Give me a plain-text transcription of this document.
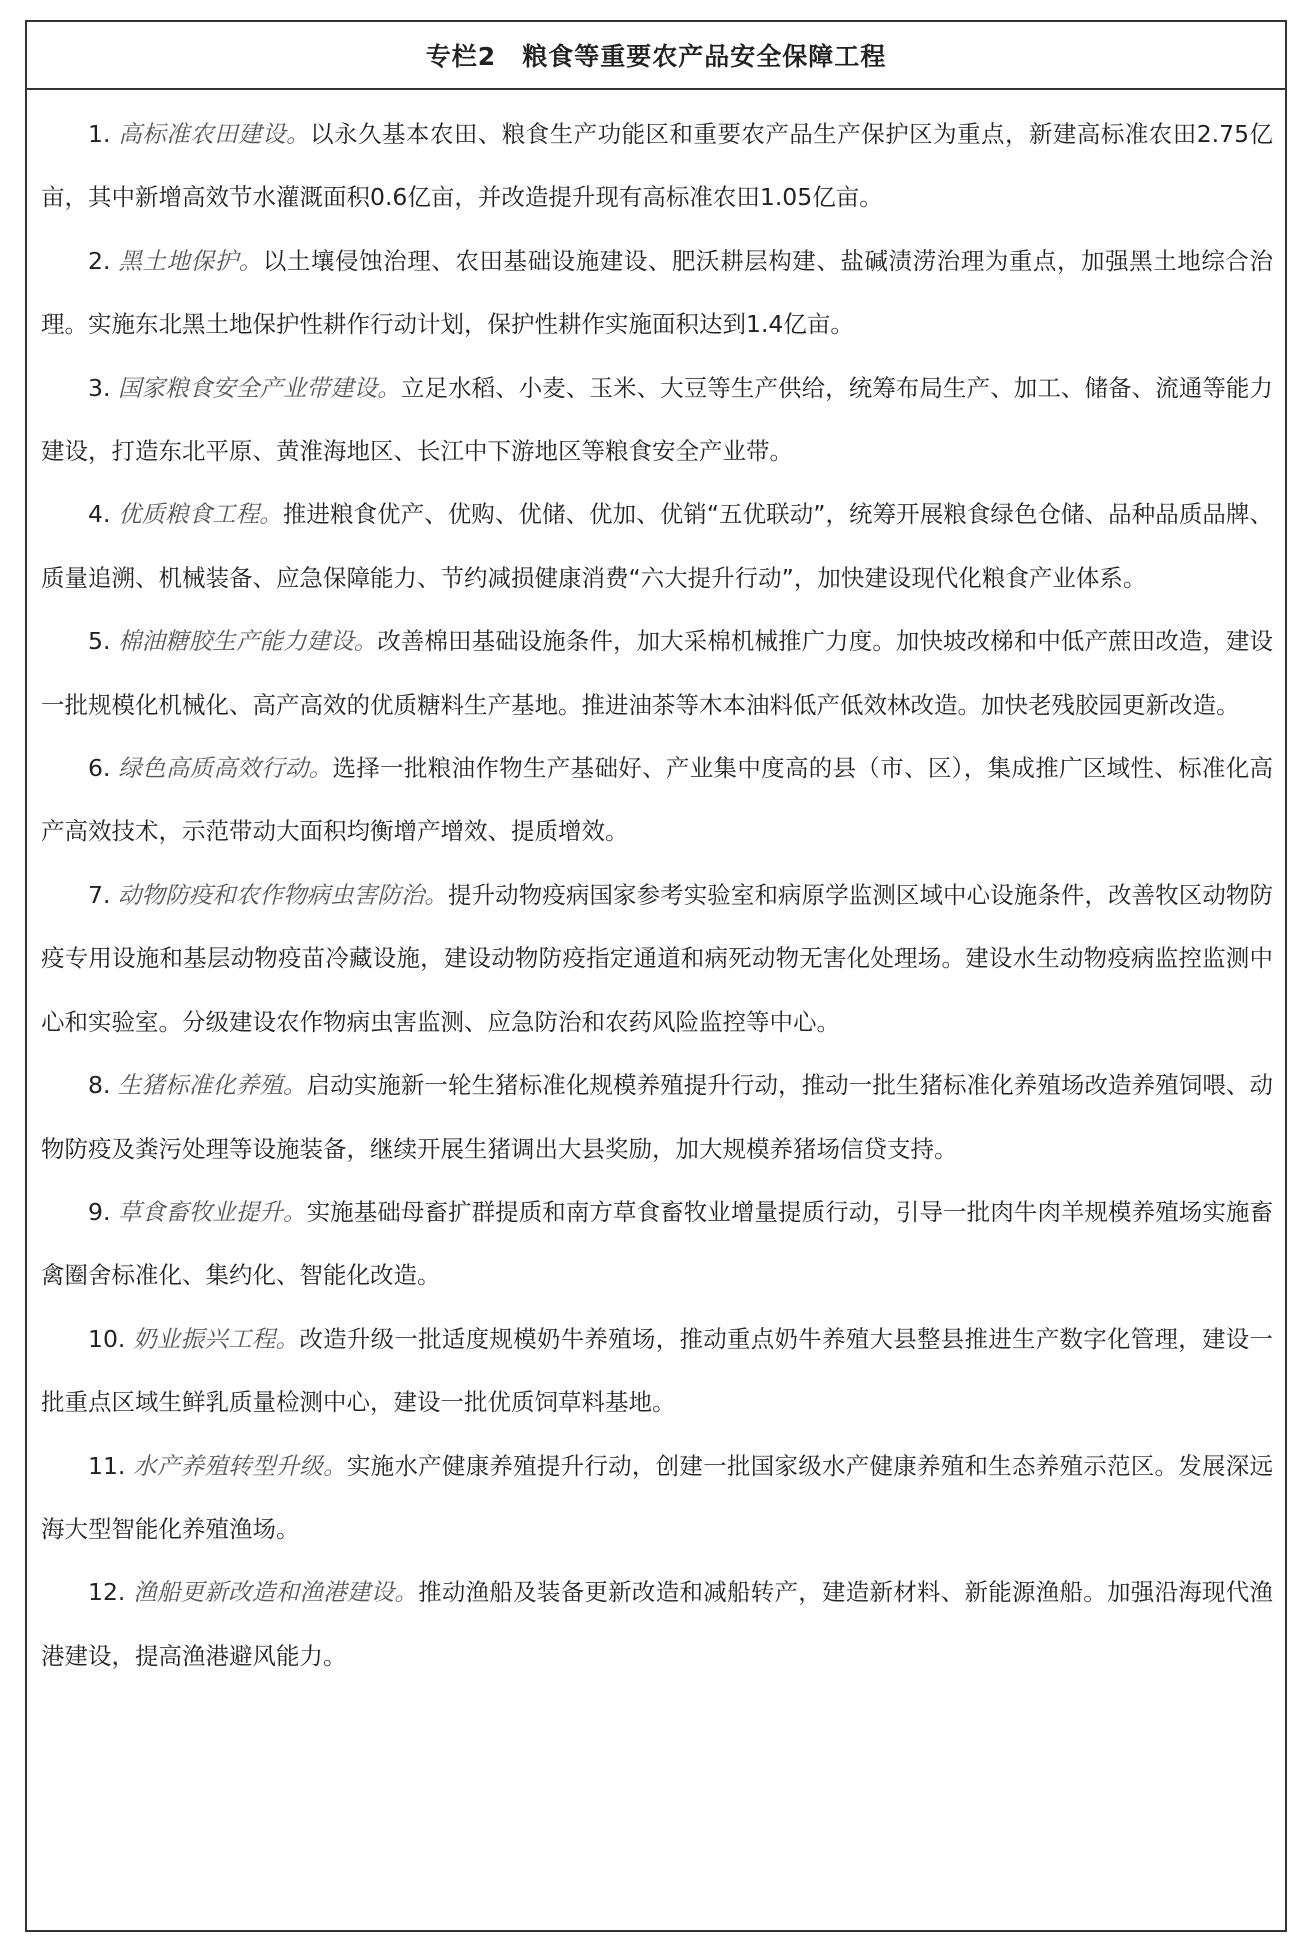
专栏2　粮食等重要农产品安全保障工程

1. 高标准农田建设。以永久基本农田、粮食生产功能区和重要农产品生产保护区为重点，新建高标准农田2.75亿亩，其中新增高效节水灌溉面积0.6亿亩，并改造提升现有高标准农田1.05亿亩。

2. 黑土地保护。以土壤侵蚀治理、农田基础设施建设、肥沃耕层构建、盐碱渍涝治理为重点，加强黑土地综合治理。实施东北黑土地保护性耕作行动计划，保护性耕作实施面积达到1.4亿亩。

3. 国家粮食安全产业带建设。立足水稻、小麦、玉米、大豆等生产供给，统筹布局生产、加工、储备、流通等能力建设，打造东北平原、黄淮海地区、长江中下游地区等粮食安全产业带。

4. 优质粮食工程。推进粮食优产、优购、优储、优加、优销“五优联动”，统筹开展粮食绿色仓储、品种品质品牌、质量追溯、机械装备、应急保障能力、节约减损健康消费“六大提升行动”，加快建设现代化粮食产业体系。

5. 棉油糖胶生产能力建设。改善棉田基础设施条件，加大采棉机械推广力度。加快坡改梯和中低产蔗田改造，建设一批规模化机械化、高产高效的优质糖料生产基地。推进油茶等木本油料低产低效林改造。加快老残胶园更新改造。

6. 绿色高质高效行动。选择一批粮油作物生产基础好、产业集中度高的县（市、区），集成推广区域性、标准化高产高效技术，示范带动大面积均衡增产增效、提质增效。

7. 动物防疫和农作物病虫害防治。提升动物疫病国家参考实验室和病原学监测区域中心设施条件，改善牧区动物防疫专用设施和基层动物疫苗冷藏设施，建设动物防疫指定通道和病死动物无害化处理场。建设水生动物疫病监控监测中心和实验室。分级建设农作物病虫害监测、应急防治和农药风险监控等中心。

8. 生猪标准化养殖。启动实施新一轮生猪标准化规模养殖提升行动，推动一批生猪标准化养殖场改造养殖饲喂、动物防疫及粪污处理等设施装备，继续开展生猪调出大县奖励，加大规模养猪场信贷支持。

9. 草食畜牧业提升。实施基础母畜扩群提质和南方草食畜牧业增量提质行动，引导一批肉牛肉羊规模养殖场实施畜禽圈舍标准化、集约化、智能化改造。

10. 奶业振兴工程。改造升级一批适度规模奶牛养殖场，推动重点奶牛养殖大县整县推进生产数字化管理，建设一批重点区域生鲜乳质量检测中心，建设一批优质饲草料基地。

11. 水产养殖转型升级。实施水产健康养殖提升行动，创建一批国家级水产健康养殖和生态养殖示范区。发展深远海大型智能化养殖渔场。

12. 渔船更新改造和渔港建设。推动渔船及装备更新改造和减船转产，建造新材料、新能源渔船。加强沿海现代渔港建设，提高渔港避风能力。
